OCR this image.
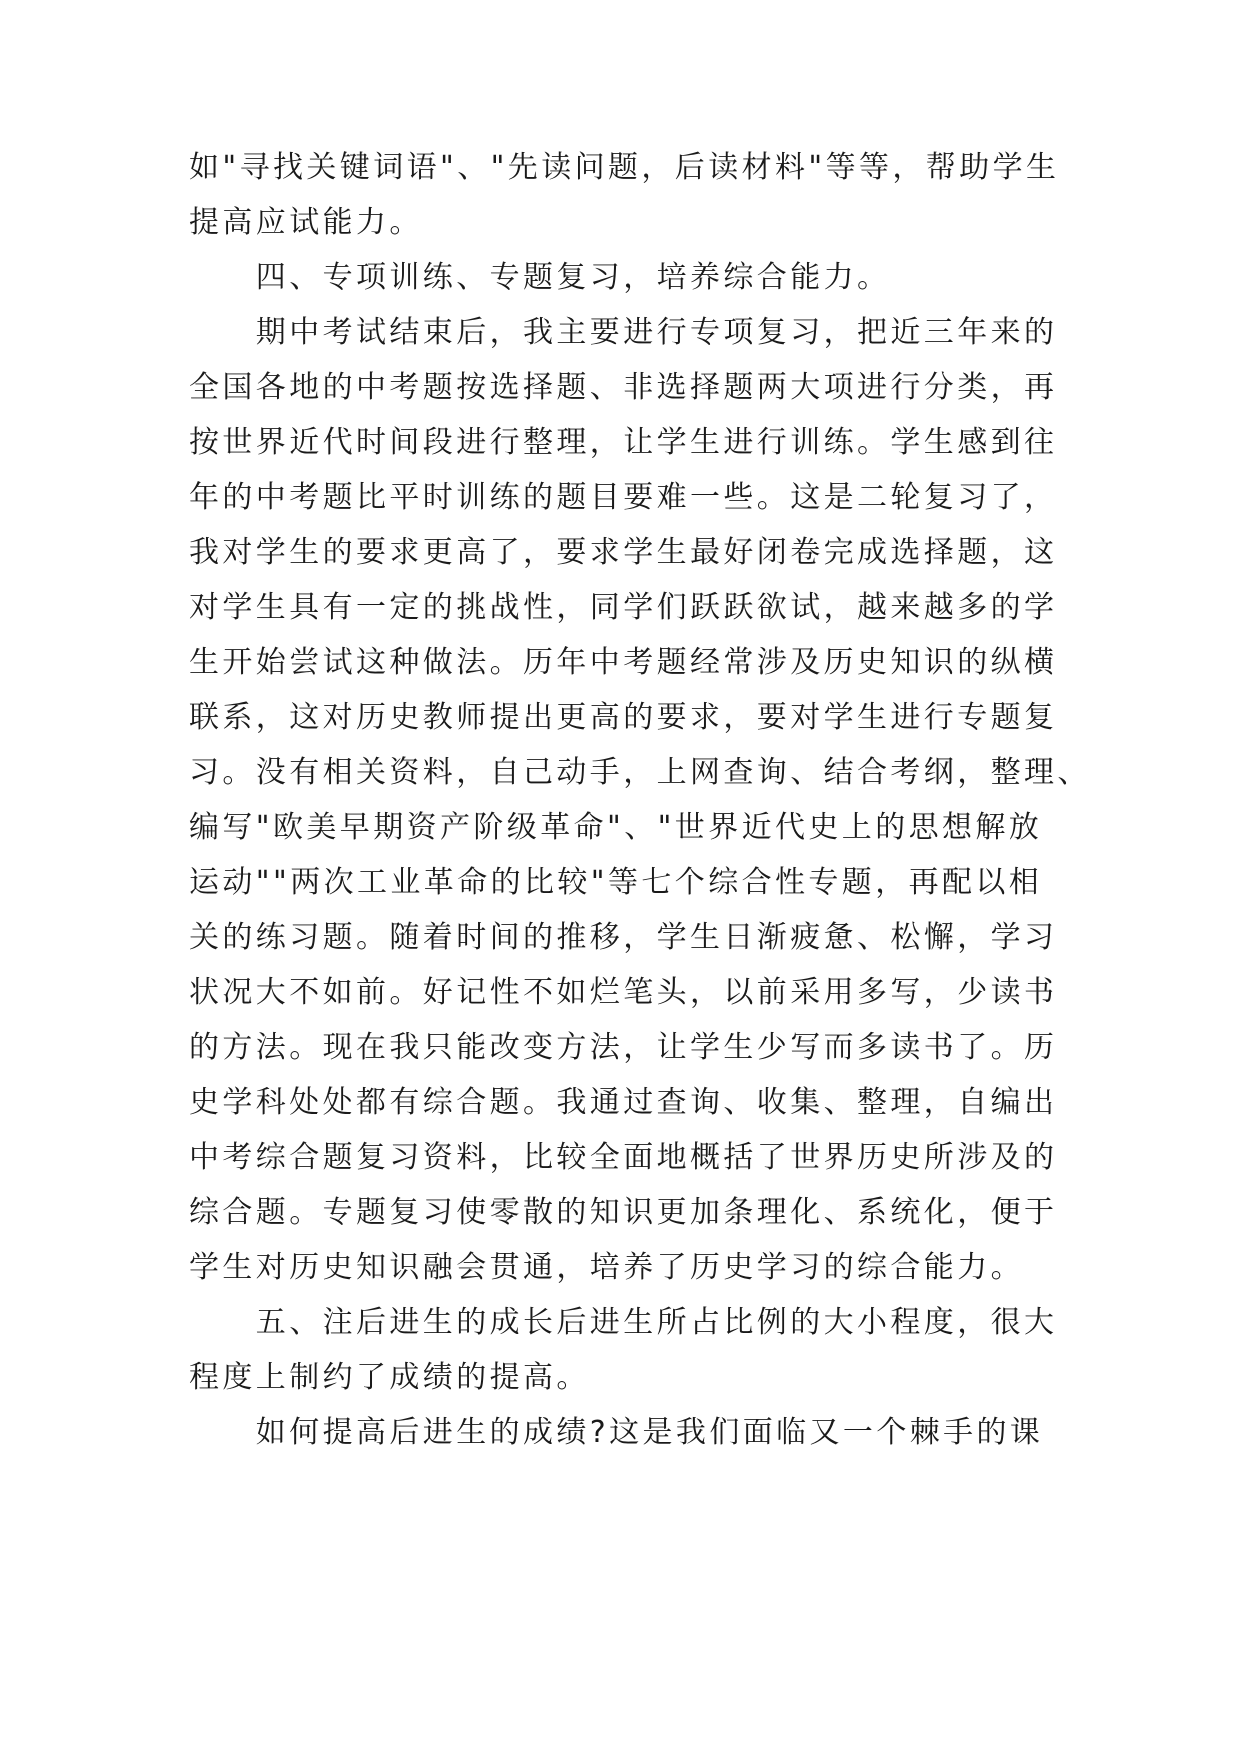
如"寻找关键词语"、"先读问题，后读材料"等等，帮助学生
提高应试能力。
　　四、专项训练、专题复习，培养综合能力。
　　期中考试结束后，我主要进行专项复习，把近三年来的
全国各地的中考题按选择题、非选择题两大项进行分类，再
按世界近代时间段进行整理，让学生进行训练。学生感到往
年的中考题比平时训练的题目要难一些。这是二轮复习了，
我对学生的要求更高了，要求学生最好闭卷完成选择题，这
对学生具有一定的挑战性，同学们跃跃欲试，越来越多的学
生开始尝试这种做法。历年中考题经常涉及历史知识的纵横
联系，这对历史教师提出更高的要求，要对学生进行专题复
习。没有相关资料，自己动手，上网查询、结合考纲，整理、
编写"欧美早期资产阶级革命"、"世界近代史上的思想解放
运动""两次工业革命的比较"等七个综合性专题，再配以相
关的练习题。随着时间的推移，学生日渐疲惫、松懈，学习
状况大不如前。好记性不如烂笔头，以前采用多写，少读书
的方法。现在我只能改变方法，让学生少写而多读书了。历
史学科处处都有综合题。我通过查询、收集、整理，自编出
中考综合题复习资料，比较全面地概括了世界历史所涉及的
综合题。专题复习使零散的知识更加条理化、系统化，便于
学生对历史知识融会贯通，培养了历史学习的综合能力。
　　五、注后进生的成长后进生所占比例的大小程度，很大
程度上制约了成绩的提高。
　　如何提高后进生的成绩?这是我们面临又一个棘手的课
